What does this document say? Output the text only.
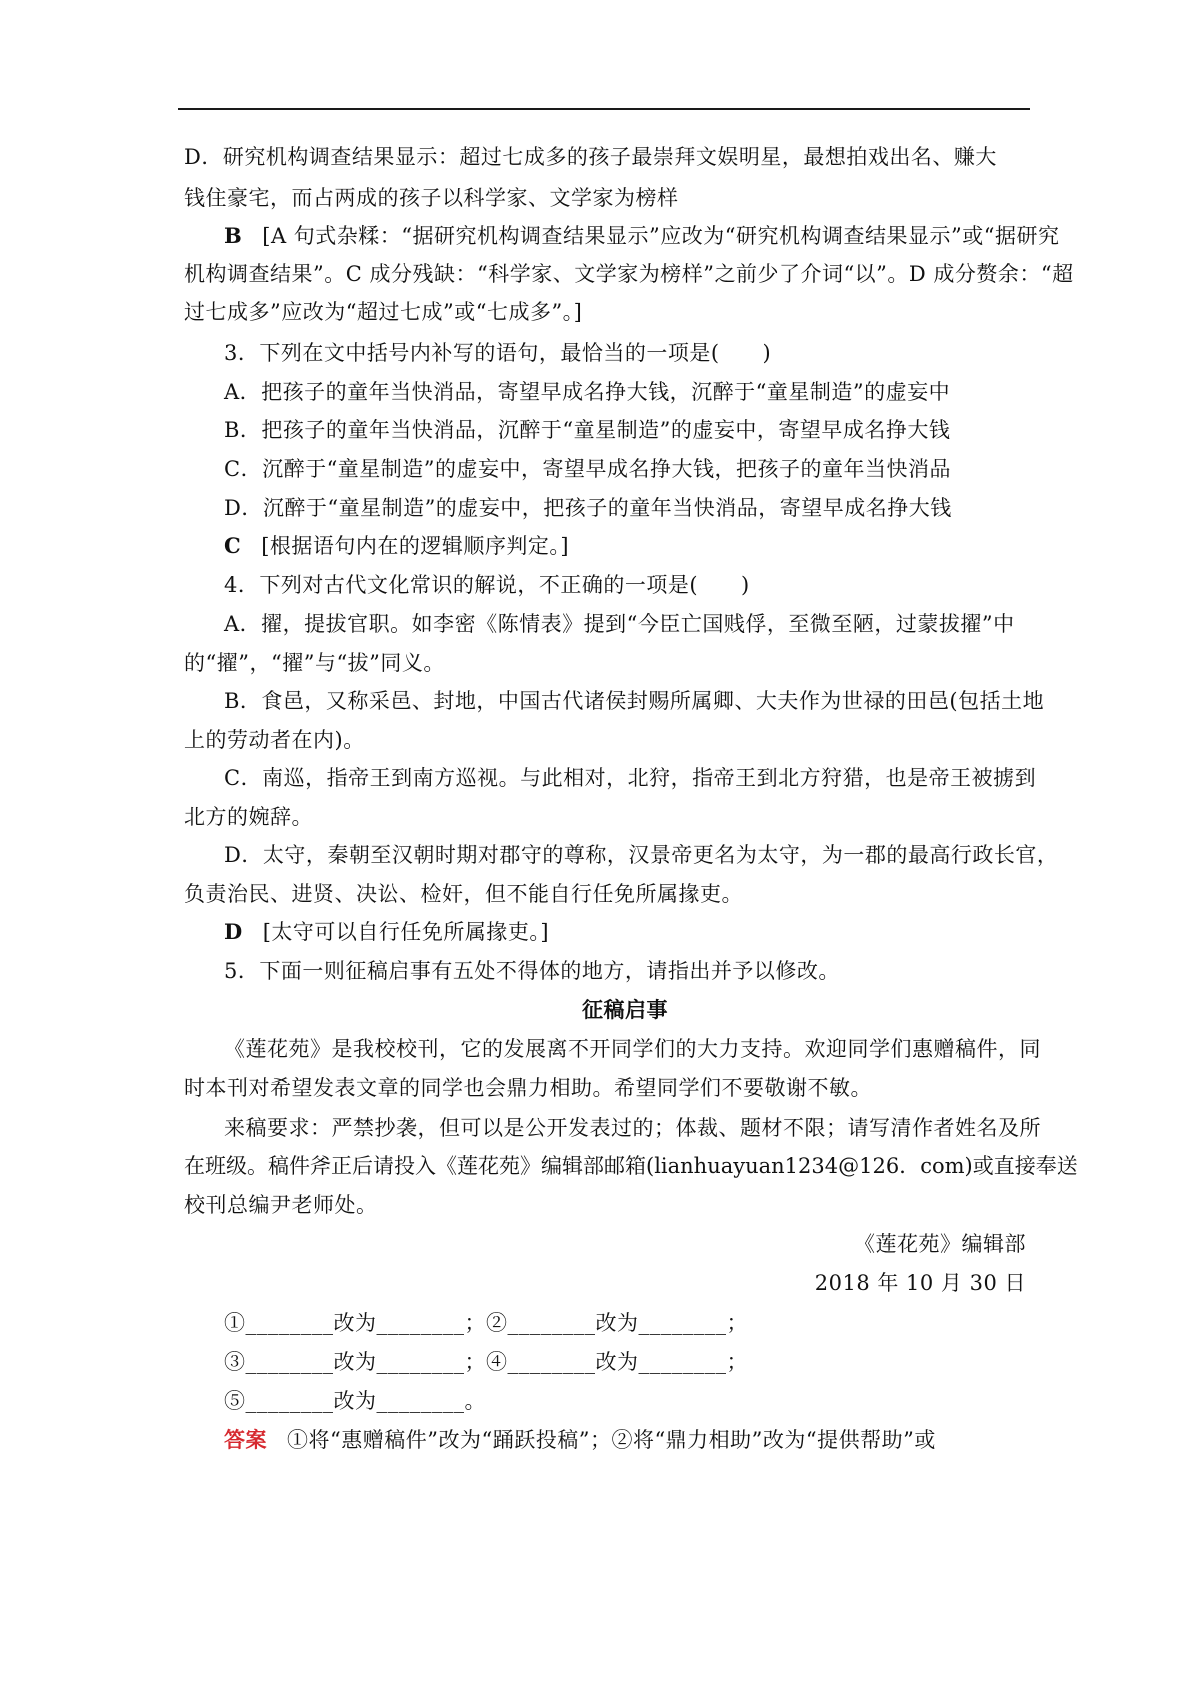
D．研究机构调查结果显示：超过七成多的孩子最崇拜文娱明星，最想拍戏出名、赚大
钱住豪宅，而占两成的孩子以科学家、文学家为榜样
B [A 句式杂糅：“据研究机构调查结果显示”应改为“研究机构调查结果显示”或“据研究
机构调查结果”。C 成分残缺：“科学家、文学家为榜样”之前少了介词“以”。D 成分赘余：“超
过七成多”应改为“超过七成”或“七成多”。]
3．下列在文中括号内补写的语句，最恰当的一项是(　　)
A．把孩子的童年当快消品，寄望早成名挣大钱，沉醉于“童星制造”的虚妄中
B．把孩子的童年当快消品，沉醉于“童星制造”的虚妄中，寄望早成名挣大钱
C．沉醉于“童星制造”的虚妄中，寄望早成名挣大钱，把孩子的童年当快消品
D．沉醉于“童星制造”的虚妄中，把孩子的童年当快消品，寄望早成名挣大钱
C [根据语句内在的逻辑顺序判定。]
4．下列对古代文化常识的解说，不正确的一项是(　　)
A．擢，提拔官职。如李密《陈情表》提到“今臣亡国贱俘，至微至陋，过蒙拔擢”中
的“擢”，“擢”与“拔”同义。
B．食邑，又称采邑、封地，中国古代诸侯封赐所属卿、大夫作为世禄的田邑(包括土地
上的劳动者在内)。
C．南巡，指帝王到南方巡视。与此相对，北狩，指帝王到北方狩猎，也是帝王被掳到
北方的婉辞。
D．太守，秦朝至汉朝时期对郡守的尊称，汉景帝更名为太守，为一郡的最高行政长官，
负责治民、进贤、决讼、检奸，但不能自行任免所属掾吏。
D [太守可以自行任免所属掾吏。]
5．下面一则征稿启事有五处不得体的地方，请指出并予以修改。
征稿启事
《莲花苑》是我校校刊，它的发展离不开同学们的大力支持。欢迎同学们惠赠稿件，同
时本刊对希望发表文章的同学也会鼎力相助。希望同学们不要敬谢不敏。
来稿要求：严禁抄袭，但可以是公开发表过的；体裁、题材不限；请写清作者姓名及所
在班级。稿件斧正后请投入《莲花苑》编辑部邮箱(lianhuayuan1234@126．com)或直接奉送
校刊总编尹老师处。
《莲花苑》编辑部
2018 年 10 月 30 日
①________改为________；②________改为________；
③________改为________；④________改为________；
⑤________改为________。
答案 ①将“惠赠稿件”改为“踊跃投稿”；②将“鼎力相助”改为“提供帮助”或
